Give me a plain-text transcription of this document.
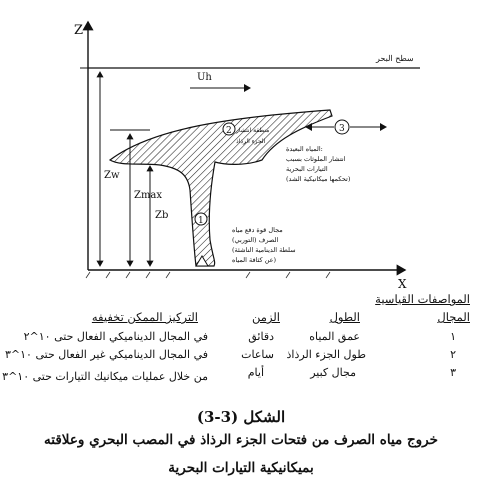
Z
X
سطح البحر
Uh
1
2	3
منطقة انتشار
الجزء الرذاذ
المياه البعيدة:
انتشار الملوثات بسبب
التيارات البحرية
(تحكمها ميكانيكية الشد)
مجال قوة دفع مياه
الصرف (التوربي)
(سلطة الدينامية الناشئة
عن كثافة المياه)
Zw
Zmax
Zb
المواصفات القياسية
المجال
الطول
الزمن
التركيز الممكن تخفيفه
١
عمق المياه
دقائق
في المجال الديناميكي الفعال حتى ١٠^٢
٢
طول الجزء الرذاذ
ساعات
في المجال الديناميكي غير الفعال حتى ١٠^٣
٣
مجال كبير
أيام
من خلال عمليات ميكانيك التيارات حتى ١٠^٣
الشكل (3-3)
خروج مياه الصرف من فتحات الجزء الرذاذ في المصب البحري وعلاقته
بميكانيكية التيارات البحرية
